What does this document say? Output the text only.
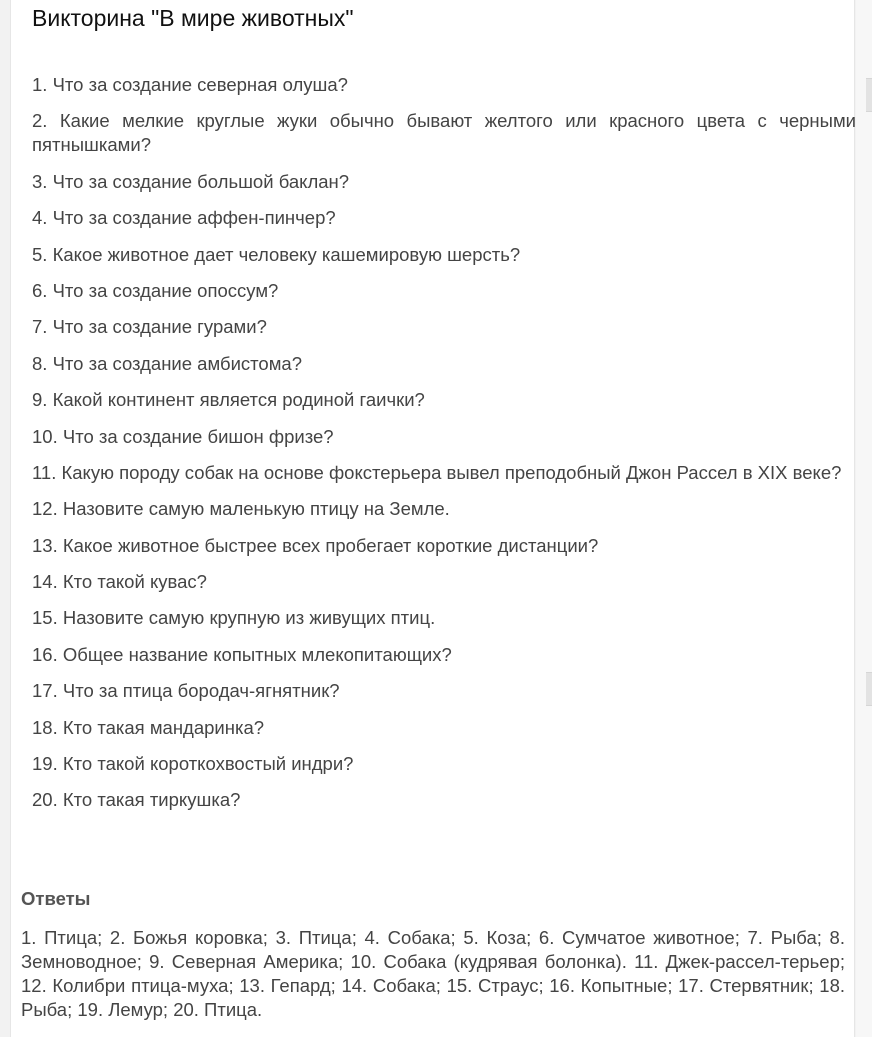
Викторина "В мире животных"
1. Что за создание северная олуша?
2. Какие мелкие круглые жуки обычно бывают желтого или красного цвета с черными пятнышками?
3. Что за создание большой баклан?
4. Что за создание аффен-пинчер?
5. Какое животное дает человеку кашемировую шерсть?
6. Что за создание опоссум?
7. Что за создание гурами?
8. Что за создание амбистома?
9. Какой континент является родиной гаички?
10. Что за создание бишон фризе?
11. Какую породу собак на основе фокстерьера вывел преподобный Джон Рассел в XIX веке?
12. Назовите самую маленькую птицу на Земле.
13. Какое животное быстрее всех пробегает короткие дистанции?
14. Кто такой кувас?
15. Назовите самую крупную из живущих птиц.
16. Общее название копытных млекопитающих?
17. Что за птица бородач-ягнятник?
18. Кто такая мандаринка?
19. Кто такой короткохвостый индри?
20. Кто такая тиркушка?
Ответы

1. Птица; 2. Божья коровка; 3. Птица; 4. Собака; 5. Коза; 6. Сумчатое животное; 7. Рыба; 8. Земноводное; 9. Северная Америка; 10. Собака (кудрявая болонка). 11. Джек-рассел-терьер; 12. Колибри птица-муха; 13. Гепард; 14. Собака; 15. Страус; 16. Копытные; 17. Стервятник; 18. Рыба; 19. Лемур; 20. Птица.
